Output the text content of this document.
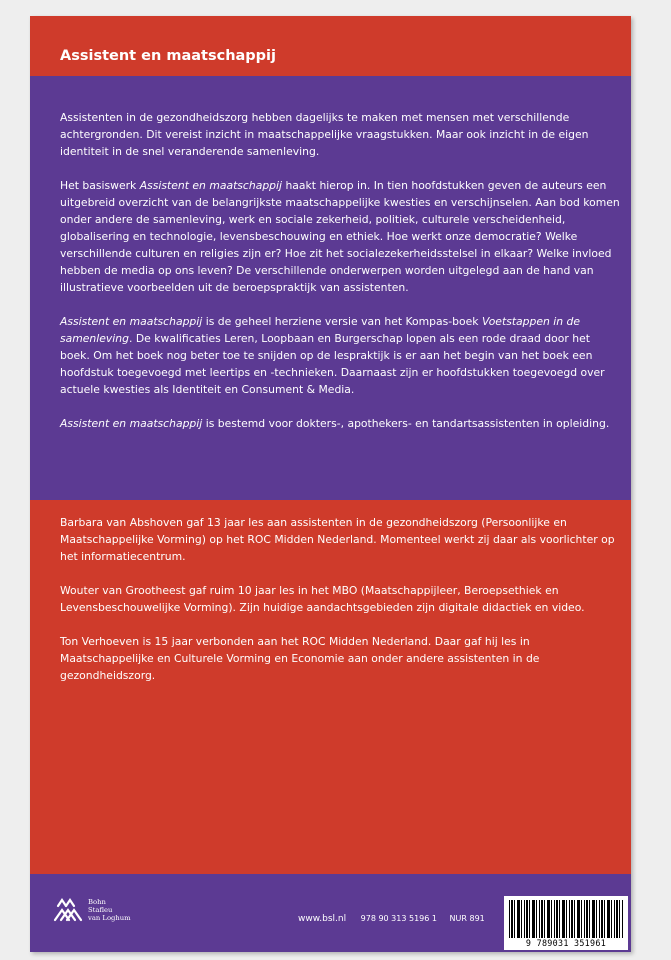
Assistent en maatschappij

Assistenten in de gezondheidszorg hebben dagelijks te maken met mensen met verschillende achtergronden. Dit vereist inzicht in maatschappelijke vraagstukken. Maar ook inzicht in de eigen identiteit in de snel veranderende samenleving.

Het basiswerk Assistent en maatschappij haakt hierop in. In tien hoofdstukken geven de auteurs een uitgebreid overzicht van de belangrijkste maatschappelijke kwesties en verschijnselen. Aan bod komen onder andere de samenleving, werk en sociale zekerheid, politiek, culturele verscheidenheid, globalisering en technologie, levensbeschouwing en ethiek. Hoe werkt onze democratie? Welke verschillende culturen en religies zijn er? Hoe zit het socialezekerheidsstelsel in elkaar? Welke invloed hebben de media op ons leven? De verschillende onderwerpen worden uitgelegd aan de hand van illustratieve voorbeelden uit de beroepspraktijk van assistenten.

Assistent en maatschappij is de geheel herziene versie van het Kompas-boek Voetstappen in de samenleving. De kwalificaties Leren, Loopbaan en Burgerschap lopen als een rode draad door het boek. Om het boek nog beter toe te snijden op de lespraktijk is er aan het begin van het boek een hoofdstuk toegevoegd met leertips en -technieken. Daarnaast zijn er hoofdstukken toegevoegd over actuele kwesties als Identiteit en Consument & Media.

Assistent en maatschappij is bestemd voor dokters-, apothekers- en tandartsassistenten in opleiding.

Barbara van Abshoven gaf 13 jaar les aan assistenten in de gezondheidszorg (Persoonlijke en Maatschappelijke Vorming) op het ROC Midden Nederland. Momenteel werkt zij daar als voorlichter op het informatiecentrum.

Wouter van Grootheest gaf ruim 10 jaar les in het MBO (Maatschappijleer, Beroepsethiek en Levensbeschouwelijke Vorming). Zijn huidige aandachtsgebieden zijn digitale didactiek en video.

Ton Verhoeven is 15 jaar verbonden aan het ROC Midden Nederland. Daar gaf hij les in Maatschappelijke en Culturele Vorming en Economie aan onder andere assistenten in de gezondheidszorg.

Bohn
Stafleu
van Loghum	www.bsl.nl 978 90 313 5196 1 NUR 891
9 789031 351961
